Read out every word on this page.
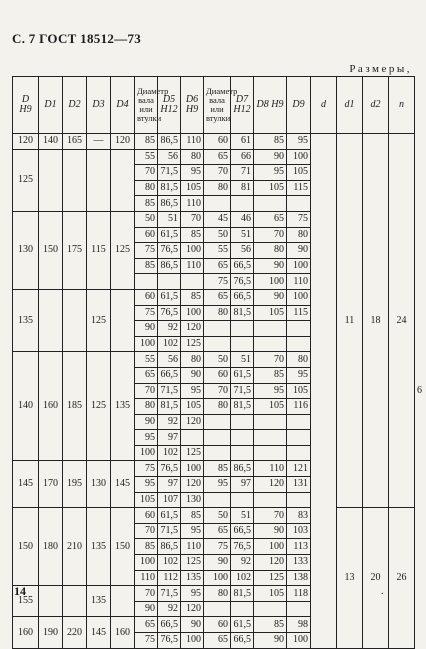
С. 7 ГОСТ 18512—73
Размеры,
D H9	D1	D2	D3	D4	Диаметр вала или втулки	D5 H12	D6 H9	Диаметр вала или втулки	D7 H12	D8 H9	D9	d	d1	d2	n	
120	140	165	—	120	85	86,5	110	60	61	85	95		11	18	24	6
125					55	56	80	65	66	90	100					
					70	71,5	95	70	71	95	105					
					80	81,5	105	80	81	105	115					
					85	86,5	110									
130	150	175	115	125	50	51	70	45	46	65	75					
					60	61,5	85	50	51	70	80					
					75	76,5	100	55	56	80	90					
					85	86,5	110	65	66,5	90	100					
								75	76,5	100	110					
135			125		60	61,5	85	65	66,5	90	100					
					75	76,5	100	80	81,5	105	115					
					90	92	120									
					100	102	125									
140	160	185	125	135	55	56	80	50	51	70	80					
					65	66,5	90	60	61,5	85	95					
					70	71,5	95	70	71,5	95	105					
					80	81,5	105	80	81,5	105	116					
					90	92	120									
					95	97										
					100	102	125									
145	170	195	130	145	75	76,5	100	85	86,5	110	121					
					95	97	120	95	97	120	131					
					105	107	130									
150	180	210	135	150	60	61,5	85	50	51	70	83		13	20	26	
					70	71,5	95	65	66,5	90	103					
					85	86,5	110	75	76,5	100	113					
					100	102	125	90	92	120	133					
					110	112	135	100	102	125	138					
155			135		70	71,5	95	80	81,5	105	118					
					90	92	120									
160	190	220	145	160	65	66,5	90	60	61,5	85	98					
					75	76,5	100	65	66,5	90	100					
14	.
